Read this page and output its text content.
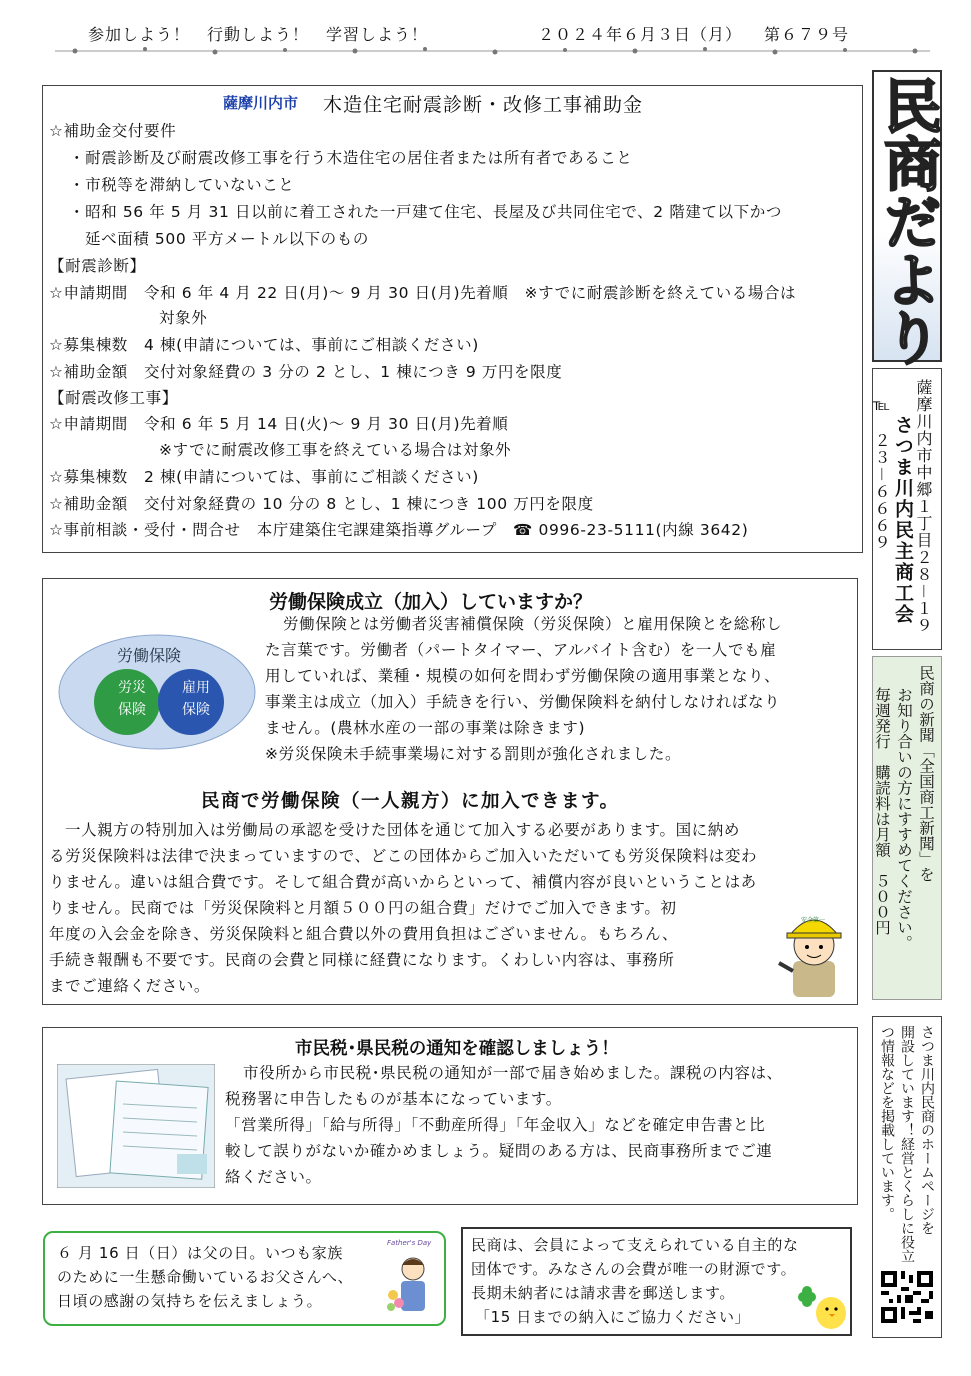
参加しよう！　行動しよう！　学習しよう！	２０２４年６月３日（月） 第６７９号
民商だより
薩摩川内市中郷１丁目２８－１９
さつま川内民主商工会
℡　２３－６６６９
民商の新聞「全国商工新聞」を
お知り合いの方にすすめてください。
毎週発行　購読料は月額　５００円
さつま川内民商のホームページを
開設しています！経営とくらしに役立
つ情報などを掲載しています。
薩摩川内市 木造住宅耐震診断・改修工事補助金
☆補助金交付要件
・耐震診断及び耐震改修工事を行う木造住宅の居住者または所有者であること
・市税等を滞納していないこと
・昭和 56 年 5 月 31 日以前に着工された一戸建て住宅、長屋及び共同住宅で、2 階建て以下かつ
延べ面積 500 平方メートル以下のもの
【耐震診断】
☆申請期間　令和 6 年 4 月 22 日(月)～ 9 月 30 日(月)先着順　※すでに耐震診断を終えている場合は
対象外
☆募集棟数　4 棟(申請については、事前にご相談ください)
☆補助金額　交付対象経費の 3 分の 2 とし、1 棟につき 9 万円を限度
【耐震改修工事】
☆申請期間　令和 6 年 5 月 14 日(火)～ 9 月 30 日(月)先着順
※すでに耐震改修工事を終えている場合は対象外
☆募集棟数　2 棟(申請については、事前にご相談ください)
☆補助金額　交付対象経費の 10 分の 8 とし、1 棟につき 100 万円を限度
☆事前相談・受付・問合せ　本庁建築住宅課建築指導グループ　☎ 0996-23-5111(内線 3642)
労働保険成立（加入）していますか？
労働保険
労災
保険
雇用
保険
労働保険とは労働者災害補償保険（労災保険）と雇用保険とを総称し
た言葉です。労働者（パートタイマー、アルバイト含む）を一人でも雇
用していれば、業種・規模の如何を問わず労働保険の適用事業となり、
事業主は成立（加入）手続きを行い、労働保険料を納付しなければなり
ません。(農林水産の一部の事業は除きます)
※労災保険未手続事業場に対する罰則が強化されました。
民商で労働保険（一人親方）に加入できます。
一人親方の特別加入は労働局の承認を受けた団体を通じて加入する必要があります。国に納め
る労災保険料は法律で決まっていますので、どこの団体からご加入いただいても労災保険料は変わ
りません。違いは組合費です。そして組合費が高いからといって、補償内容が良いということはあ
りません。民商では「労災保険料と月額５００円の組合費」だけでご加入できます。初
年度の入会金を除き、労災保険料と組合費以外の費用負担はございません。もちろん、
手続き報酬も不要です。民商の会費と同様に経費になります。くわしい内容は、事務所
までご連絡ください。
安全第一
市民税･県民税の通知を確認しましょう！
市役所から市民税･県民税の通知が一部で届き始めました。課税の内容は、
税務署に申告したものが基本になっています。
「営業所得」「給与所得」「不動産所得」「年金収入」などを確定申告書と比
較して誤りがないか確かめましょう。疑問のある方は、民商事務所までご連
絡ください。
６ 月 16 日（日）は父の日。いつも家族
のために一生懸命働いているお父さんへ、
日頃の感謝の気持ちを伝えましょう。
Father's Day	民商は、会員によって支えられている自主的な
団体です。みなさんの会費が唯一の財源です。
長期未納者には請求書を郵送します。
「15 日までの納入にご協力ください」
